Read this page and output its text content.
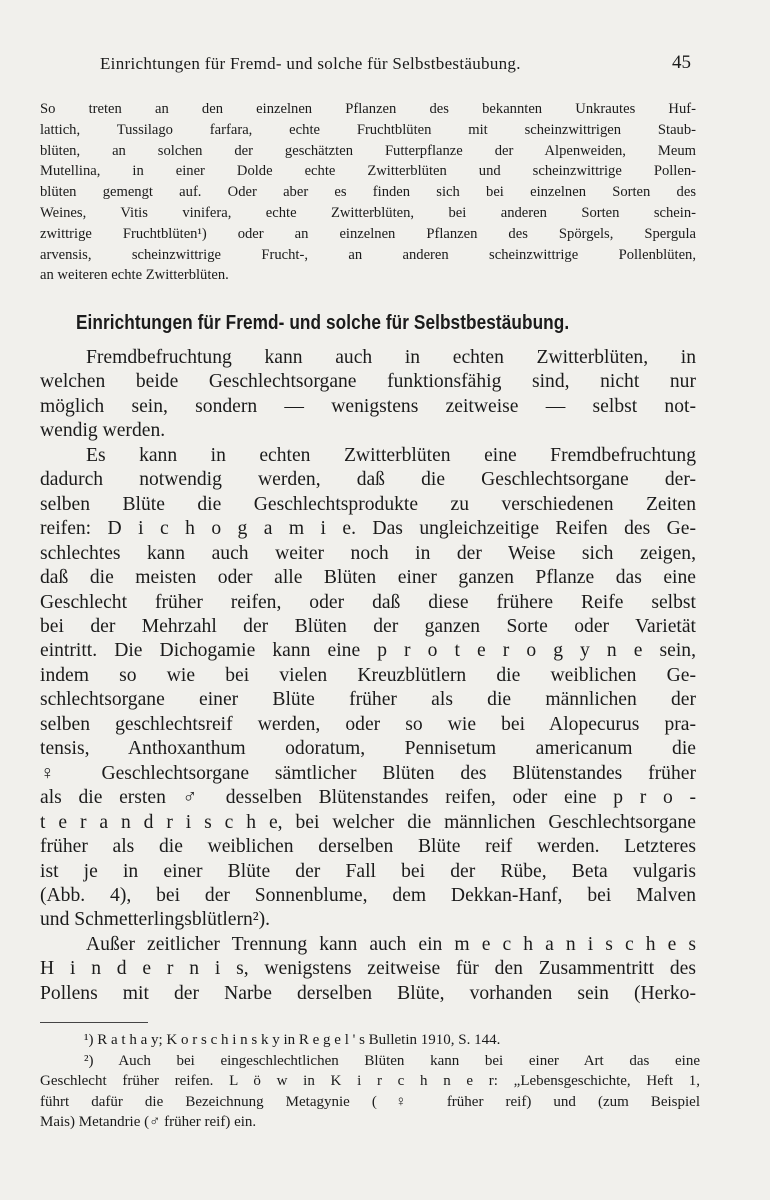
Einrichtungen für Fremd- und solche für Selbstbestäubung.	45
So treten an den einzelnen Pflanzen des bekannten Unkrautes Huf-
lattich, Tussilago farfara, echte Fruchtblüten mit scheinzwittrigen Staub-
blüten, an solchen der geschätzten Futterpflanze der Alpenweiden, Meum
Mutellina, in einer Dolde echte Zwitterblüten und scheinzwittrige Pollen-
blüten gemengt auf. Oder aber es finden sich bei einzelnen Sorten des
Weines, Vitis vinifera, echte Zwitterblüten, bei anderen Sorten schein-
zwittrige Fruchtblüten¹) oder an einzelnen Pflanzen des Spörgels, Spergula
arvensis, scheinzwittrige Frucht-, an anderen scheinzwittrige Pollenblüten,
an weiteren echte Zwitterblüten.
Einrichtungen für Fremd- und solche für Selbstbestäubung.
Fremdbefruchtung kann auch in echten Zwitterblüten, in
welchen beide Geschlechtsorgane funktionsfähig sind, nicht nur
möglich sein, sondern — wenigstens zeitweise — selbst not-
wendig werden.
Es kann in echten Zwitterblüten eine Fremdbefruchtung
dadurch notwendig werden, daß die Geschlechtsorgane der-
selben Blüte die Geschlechtsprodukte zu verschiedenen Zeiten
reifen: D i c h o g a m i e. Das ungleichzeitige Reifen des Ge-
schlechtes kann auch weiter noch in der Weise sich zeigen,
daß die meisten oder alle Blüten einer ganzen Pflanze das eine
Geschlecht früher reifen, oder daß diese frühere Reife selbst
bei der Mehrzahl der Blüten der ganzen Sorte oder Varietät
eintritt. Die Dichogamie kann eine p r o t e r o g y n e sein,
indem so wie bei vielen Kreuzblütlern die weiblichen Ge-
schlechtsorgane einer Blüte früher als die männlichen der
selben geschlechtsreif werden, oder so wie bei Alopecurus pra-
tensis, Anthoxanthum odoratum, Pennisetum americanum die
♀ Geschlechtsorgane sämtlicher Blüten des Blütenstandes früher
als die ersten ♂ desselben Blütenstandes reifen, oder eine p r o -
t e r a n d r i s c h e, bei welcher die männlichen Geschlechtsorgane
früher als die weiblichen derselben Blüte reif werden. Letzteres
ist je in einer Blüte der Fall bei der Rübe, Beta vulgaris
(Abb. 4), bei der Sonnenblume, dem Dekkan-Hanf, bei Malven
und Schmetterlingsblütlern²).
Außer zeitlicher Trennung kann auch ein m e c h a n i s c h e s
H i n d e r n i s, wenigstens zeitweise für den Zusammentritt des
Pollens mit der Narbe derselben Blüte, vorhanden sein (Herko-
¹) R a t h a y; K o r s c h i n s k y in R e g e l ' s Bulletin 1910, S. 144.
²) Auch bei eingeschlechtlichen Blüten kann bei einer Art das eine
Geschlecht früher reifen. L ö w in K i r c h n e r: „Lebensgeschichte, Heft 1,
führt dafür die Bezeichnung Metagynie (♀ früher reif) und (zum Beispiel
Mais) Metandrie (♂ früher reif) ein.
